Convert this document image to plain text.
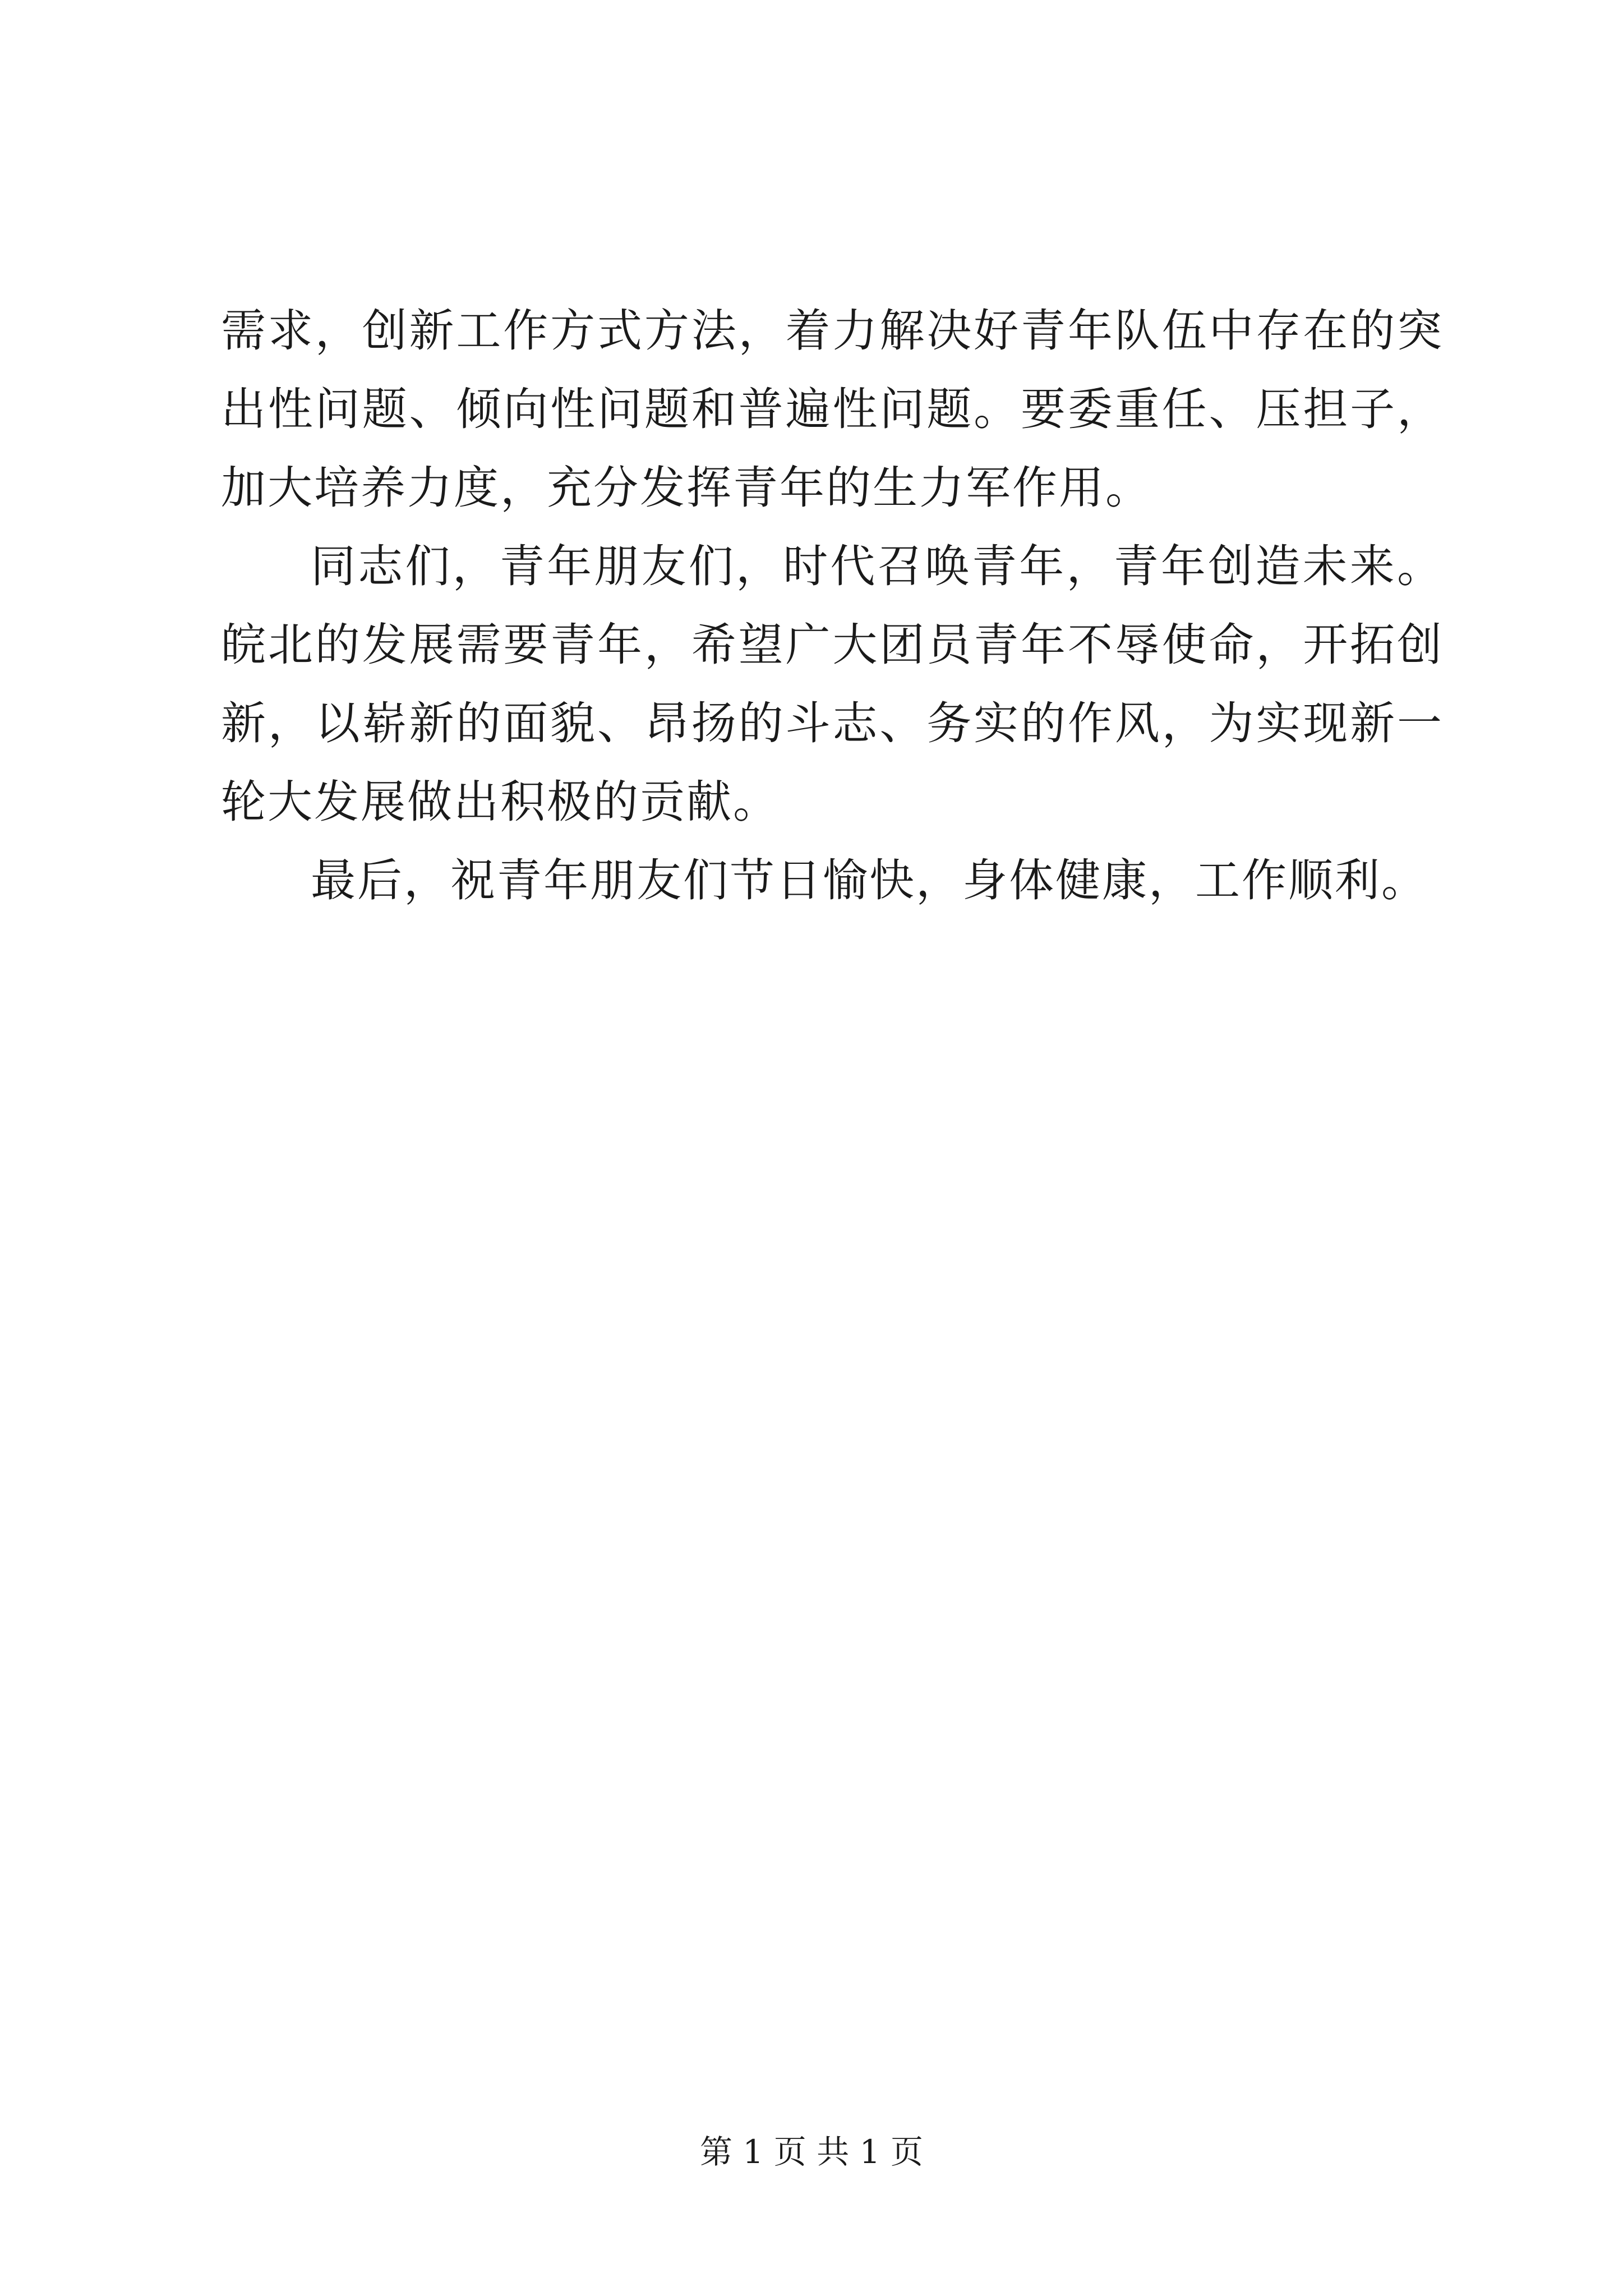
需求，创新工作方式方法，着力解决好青年队伍中存在的突出性问题、倾向性问题和普遍性问题。要委重任、压担子，加大培养力度，充分发挥青年的生力军作用。

同志们，青年朋友们，时代召唤青年，青年创造未来。皖北的发展需要青年，希望广大团员青年不辱使命，开拓创新，以崭新的面貌、昂扬的斗志、务实的作风，为实现新一轮大发展做出积极的贡献。

最后，祝青年朋友们节日愉快，身体健康，工作顺利。

第 1 页 共 1 页
